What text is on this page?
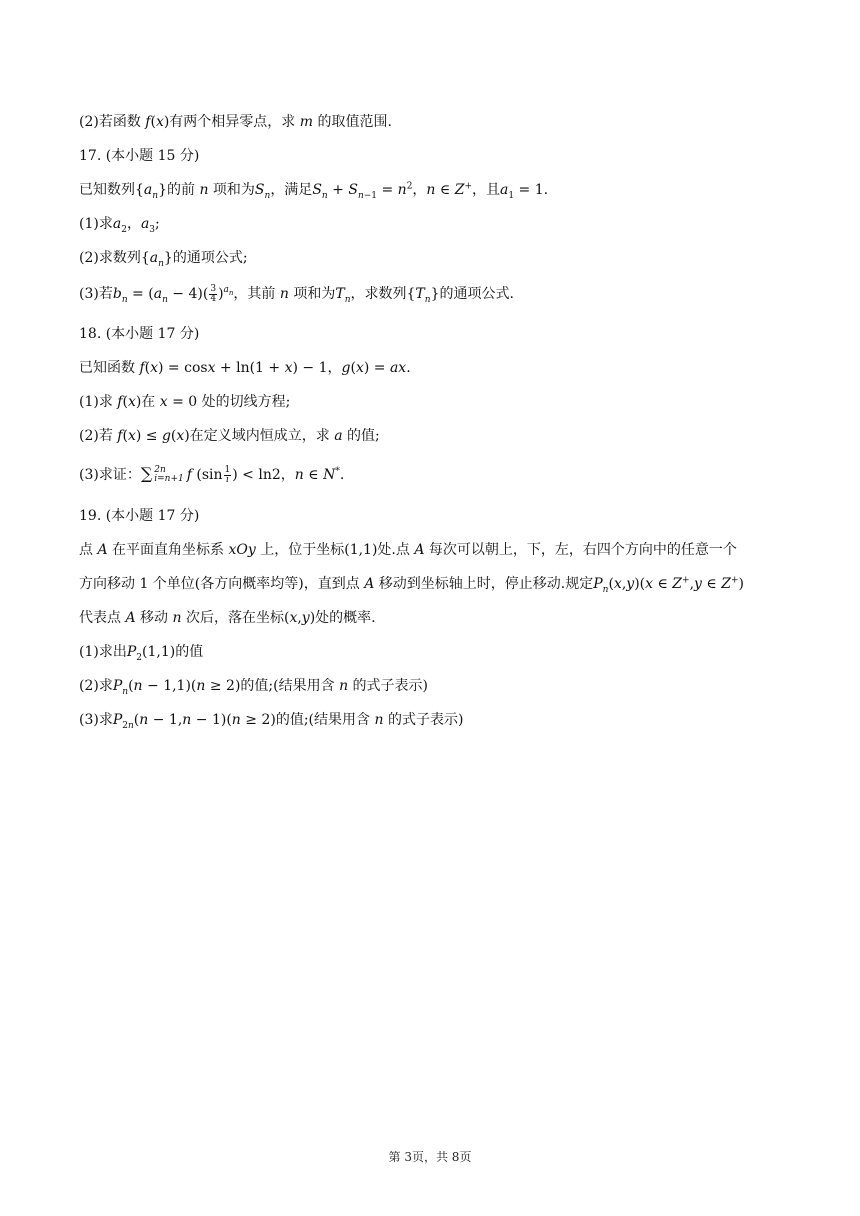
(2)若函数 f(x)有两个相异零点，求 m 的取值范围.
17. (本小题 15 分)
已知数列$\{a_n\}$的前 n 项和为$S_n$，满足$S_n + S_{n-1} = n^2$，n ∈ Z+，且$a_1 = 1$.
(1)求$a_2$，$a_3$;
(2)求数列$\{a_n\}$的通项公式;
(3)若$b_n = (a_n - 4)( \frac{3}{4} )^{a_n}$，其前 n 项和为$T_n$，求数列$\{T_n\}$的通项公式.
18. (本小题 17 分)
已知函数 f(x) = cosx + ln(1 + x) − 1，g(x) = ax.
(1)求 f(x)在 x = 0 处的切线方程;
(2)若 f(x) ≤ g(x)在定义域内恒成立，求 a 的值;
(3)求证：∑ 2n
i=n+1 f ($\sin \frac{1}{i}$ ) < ln2，n ∈ N*.
19. (本小题 17 分)
点 A 在平面直角坐标系 xOy 上，位于坐标(1,1)处.点 A 每次可以朝上，下，左，右四个方向中的任意一个
方向移动 1 个单位(各方向概率均等)，直到点 A 移动到坐标轴上时，停止移动.规定$P_n(x,y)(x$ ∈ Z+,y ∈ Z+)
代表点 A 移动 n 次后，落在坐标(x,y)处的概率.
(1)求出$P_2(1,1)$的值
(2)求$P_n(n - 1,1)(n \ge 2)$的值;(结果用含 n 的式子表示)
(3)求$P_{2n}(n - 1,n - 1)(n \ge 2)$的值;(结果用含 n 的式子表示)
第 3页，共 8页
